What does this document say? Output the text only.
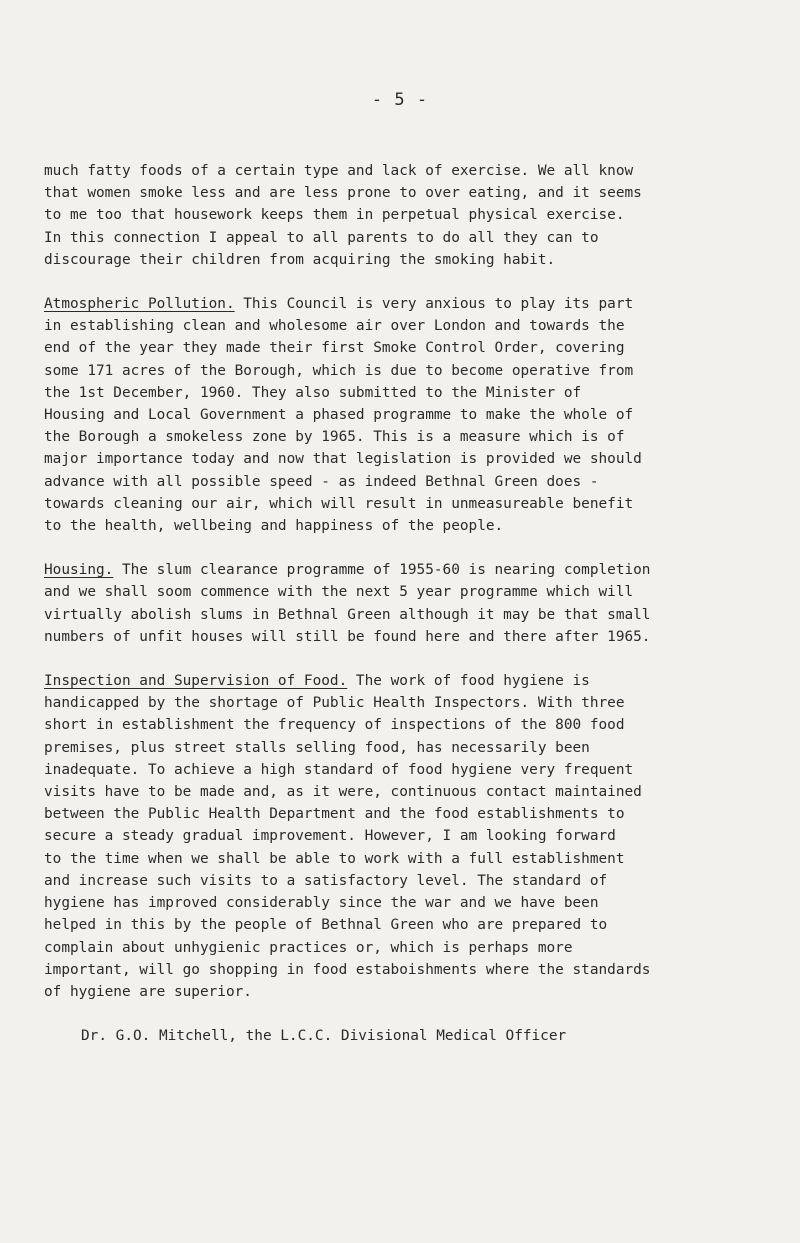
- 5 -

much fatty foods of a certain type and lack of exercise. We all know
that women smoke less and are less prone to over eating, and it seems
to me too that housework keeps them in perpetual physical exercise.
In this connection I appeal to all parents to do all they can to
discourage their children from acquiring the smoking habit.

Atmospheric Pollution. This Council is very anxious to play its part
in establishing clean and wholesome air over London and towards the
end of the year they made their first Smoke Control Order, covering
some 171 acres of the Borough, which is due to become operative from
the 1st December, 1960. They also submitted to the Minister of
Housing and Local Government a phased programme to make the whole of
the Borough a smokeless zone by 1965. This is a measure which is of
major importance today and now that legislation is provided we should
advance with all possible speed - as indeed Bethnal Green does -
towards cleaning our air, which will result in unmeasureable benefit
to the health, wellbeing and happiness of the people.

Housing. The slum clearance programme of 1955-60 is nearing completion
and we shall soom commence with the next 5 year programme which will
virtually abolish slums in Bethnal Green although it may be that small
numbers of unfit houses will still be found here and there after 1965.

Inspection and Supervision of Food. The work of food hygiene is
handicapped by the shortage of Public Health Inspectors. With three
short in establishment the frequency of inspections of the 800 food
premises, plus street stalls selling food, has necessarily been
inadequate. To achieve a high standard of food hygiene very frequent
visits have to be made and, as it were, continuous contact maintained
between the Public Health Department and the food establishments to
secure a steady gradual improvement. However, I am looking forward
to the time when we shall be able to work with a full establishment
and increase such visits to a satisfactory level. The standard of
hygiene has improved considerably since the war and we have been
helped in this by the people of Bethnal Green who are prepared to
complain about unhygienic practices or, which is perhaps more
important, will go shopping in food estaboishments where the standards
of hygiene are superior.

Dr. G.O. Mitchell, the L.C.C. Divisional Medical Officer
